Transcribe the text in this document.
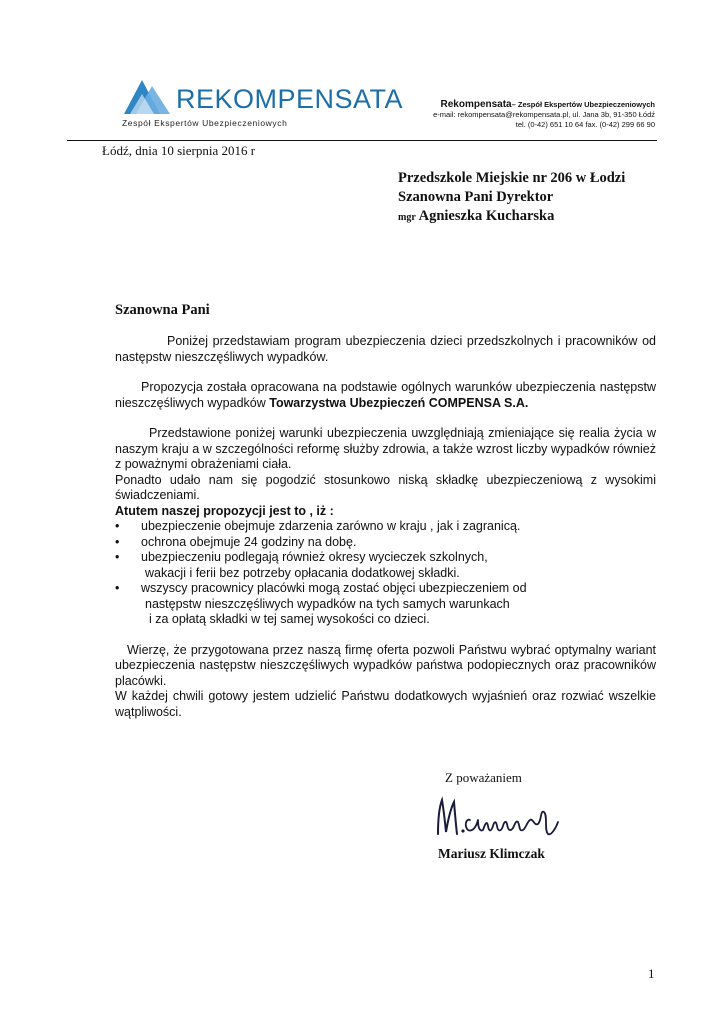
REKOMPENSATA
Zespół Ekspertów Ubezpieczeniowych
Rekompensata– Zespół Ekspertów Ubezpieczeniowych
e-mail: rekompensata@rekompensata.pl, ul. Jana 3b, 91-350 Łódź
tel. (0-42) 651 10 64 fax. (0-42) 299 66 90
Łódź, dnia 10 sierpnia 2016 r
Przedszkole Miejskie nr 206 w Łodzi
Szanowna Pani Dyrektor
mgr Agnieszka Kucharska
Szanowna Pani

Poniżej przedstawiam program ubezpieczenia dzieci przedszkolnych i pracowników od następstw nieszczęśliwych wypadków.

Propozycja została opracowana na podstawie ogólnych warunków ubezpieczenia następstw nieszczęśliwych wypadków Towarzystwa Ubezpieczeń COMPENSA S.A.

Przedstawione poniżej warunki ubezpieczenia uwzględniają zmieniające się realia życia w naszym kraju a w szczególności reformę służby zdrowia, a także wzrost liczby wypadków również z poważnymi obrażeniami ciała.

Ponadto udało nam się pogodzić stosunkowo niską składkę ubezpieczeniową z wysokimi świadczeniami.

Atutem naszej propozycji jest to , iż :

• ubezpieczenie obejmuje zdarzenia zarówno w kraju , jak i zagranicą.
• ochrona obejmuje 24 godziny na dobę.
• ubezpieczeniu podlegają również okresy wycieczek szkolnych,
wakacji i ferii bez potrzeby opłacania dodatkowej składki.
• wszyscy pracownicy placówki mogą zostać objęci ubezpieczeniem od
następstw nieszczęśliwych wypadków na tych samych warunkach
i za opłatą składki w tej samej wysokości co dzieci.

Wierzę, że przygotowana przez naszą firmę oferta pozwoli Państwu wybrać optymalny wariant ubezpieczenia następstw nieszczęśliwych wypadków państwa podopiecznych oraz pracowników placówki.

W każdej chwili gotowy jestem udzielić Państwu dodatkowych wyjaśnień oraz rozwiać wszelkie wątpliwości.

Z poważaniem
Mariusz Klimczak
1
